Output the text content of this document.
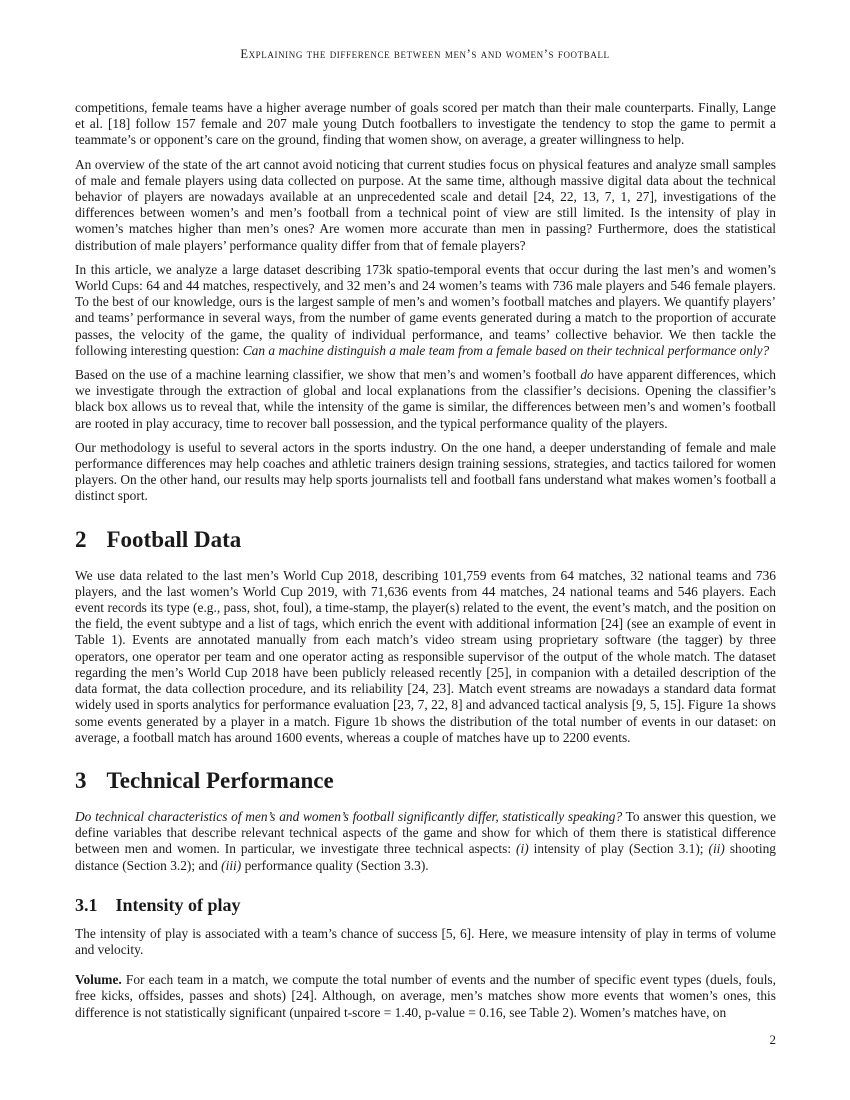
Explaining the difference between men’s and women’s football

competitions, female teams have a higher average number of goals scored per match than their male counterparts. Finally, Lange et al. [18] follow 157 female and 207 male young Dutch footballers to investigate the tendency to stop the game to permit a teammate’s or opponent’s care on the ground, finding that women show, on average, a greater willingness to help.

An overview of the state of the art cannot avoid noticing that current studies focus on physical features and analyze small samples of male and female players using data collected on purpose. At the same time, although massive digital data about the technical behavior of players are nowadays available at an unprecedented scale and detail [24, 22, 13, 7, 1, 27], investigations of the differences between women’s and men’s football from a technical point of view are still limited. Is the intensity of play in women’s matches higher than men’s ones? Are women more accurate than men in passing? Furthermore, does the statistical distribution of male players’ performance quality differ from that of female players?

In this article, we analyze a large dataset describing 173k spatio-temporal events that occur during the last men’s and women’s World Cups: 64 and 44 matches, respectively, and 32 men’s and 24 women’s teams with 736 male players and 546 female players. To the best of our knowledge, ours is the largest sample of men’s and women’s football matches and players. We quantify players’ and teams’ performance in several ways, from the number of game events generated during a match to the proportion of accurate passes, the velocity of the game, the quality of individual performance, and teams’ collective behavior. We then tackle the following interesting question: Can a machine distinguish a male team from a female based on their technical performance only?

Based on the use of a machine learning classifier, we show that men’s and women’s football do have apparent differences, which we investigate through the extraction of global and local explanations from the classifier’s decisions. Opening the classifier’s black box allows us to reveal that, while the intensity of the game is similar, the differences between men’s and women’s football are rooted in play accuracy, time to recover ball possession, and the typical performance quality of the players.

Our methodology is useful to several actors in the sports industry. On the one hand, a deeper understanding of female and male performance differences may help coaches and athletic trainers design training sessions, strategies, and tactics tailored for women players. On the other hand, our results may help sports journalists tell and football fans understand what makes women’s football a distinct sport.

2 Football Data

We use data related to the last men’s World Cup 2018, describing 101,759 events from 64 matches, 32 national teams and 736 players, and the last women’s World Cup 2019, with 71,636 events from 44 matches, 24 national teams and 546 players. Each event records its type (e.g., pass, shot, foul), a time-stamp, the player(s) related to the event, the event’s match, and the position on the field, the event subtype and a list of tags, which enrich the event with additional information [24] (see an example of event in Table 1). Events are annotated manually from each match’s video stream using proprietary software (the tagger) by three operators, one operator per team and one operator acting as responsible supervisor of the output of the whole match. The dataset regarding the men’s World Cup 2018 have been publicly released recently [25], in companion with a detailed description of the data format, the data collection procedure, and its reliability [24, 23]. Match event streams are nowadays a standard data format widely used in sports analytics for performance evaluation [23, 7, 22, 8] and advanced tactical analysis [9, 5, 15]. Figure 1a shows some events generated by a player in a match. Figure 1b shows the distribution of the total number of events in our dataset: on average, a football match has around 1600 events, whereas a couple of matches have up to 2200 events.

3 Technical Performance

Do technical characteristics of men’s and women’s football significantly differ, statistically speaking? To answer this question, we define variables that describe relevant technical aspects of the game and show for which of them there is statistical difference between men and women. In particular, we investigate three technical aspects: (i) intensity of play (Section 3.1); (ii) shooting distance (Section 3.2); and (iii) performance quality (Section 3.3).

3.1 Intensity of play

The intensity of play is associated with a team’s chance of success [5, 6]. Here, we measure intensity of play in terms of volume and velocity.

Volume. For each team in a match, we compute the total number of events and the number of specific event types (duels, fouls, free kicks, offsides, passes and shots) [24]. Although, on average, men’s matches show more events that women’s ones, this difference is not statistically significant (unpaired t-score = 1.40, p-value = 0.16, see Table 2). Women’s matches have, on

2
